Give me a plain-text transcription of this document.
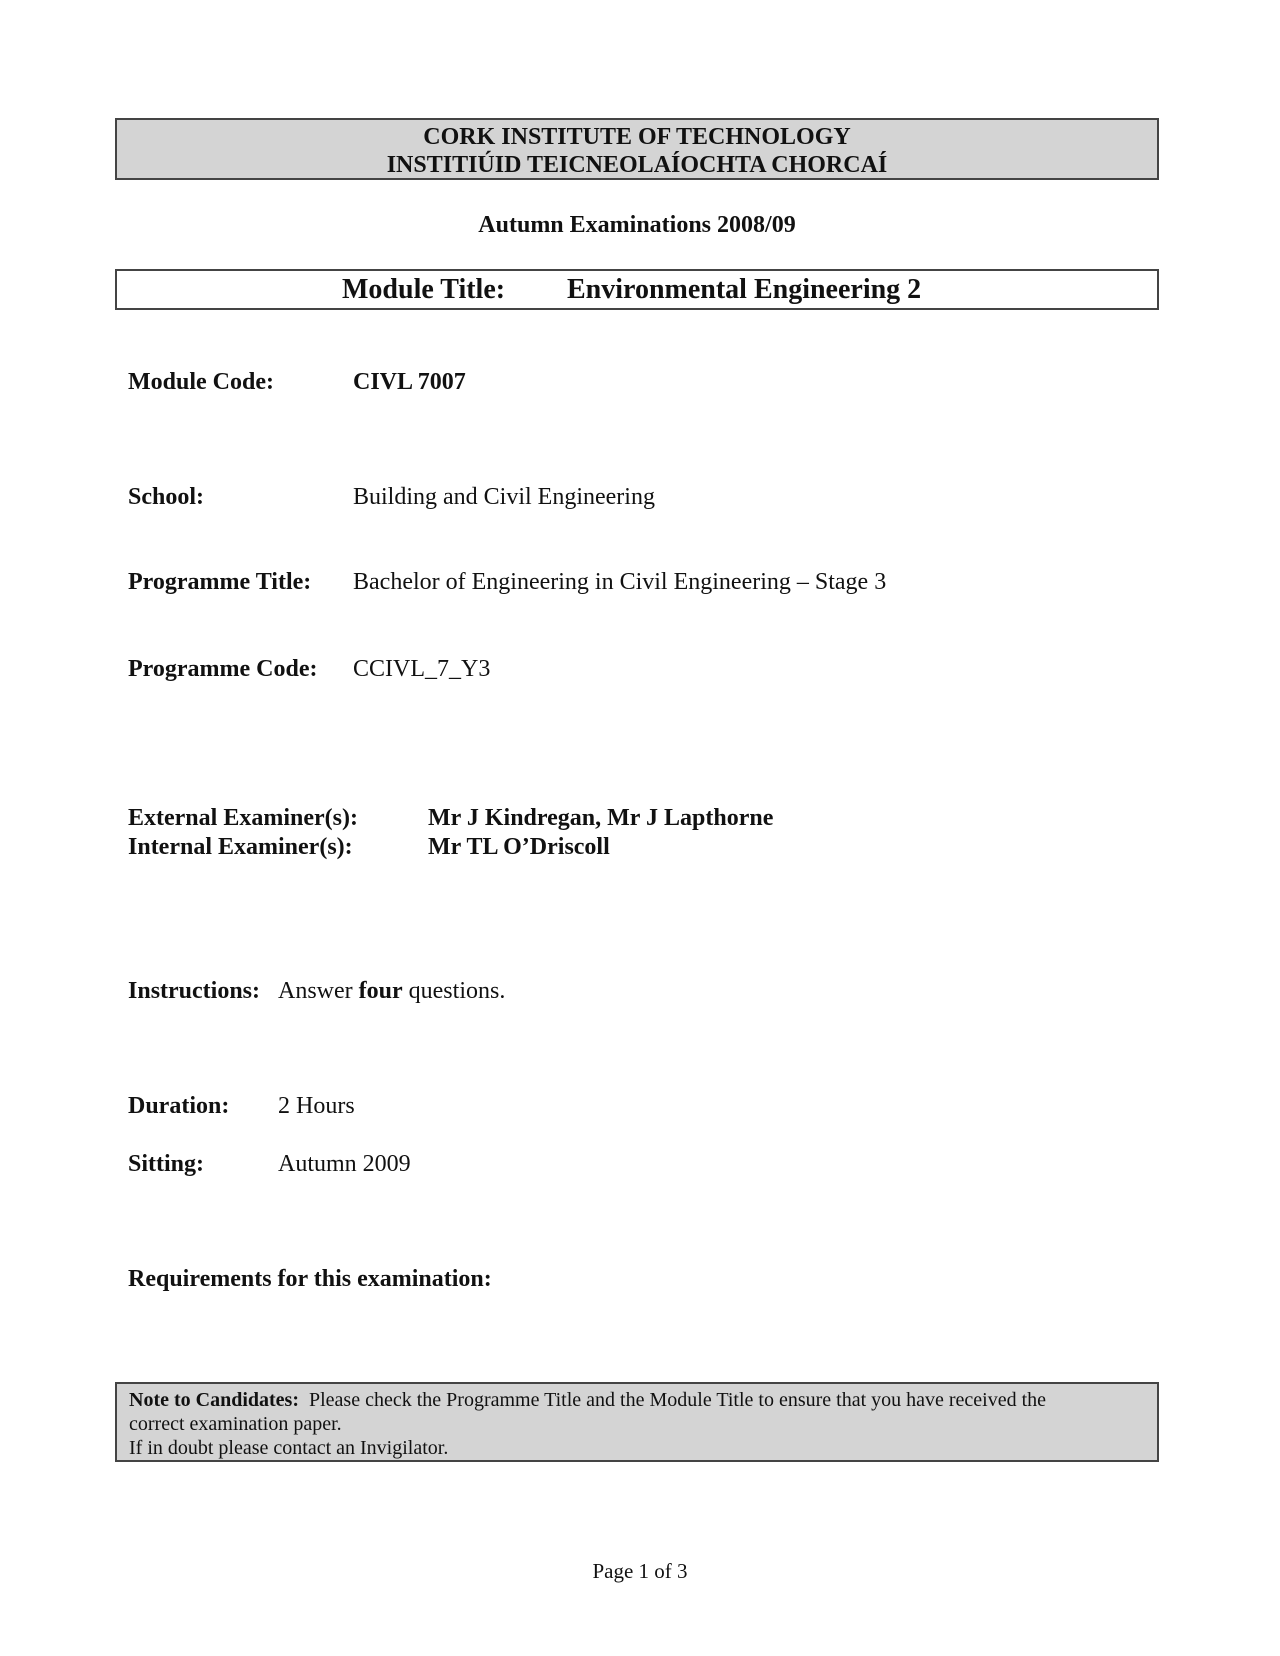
CORK INSTITUTE OF TECHNOLOGY
INSTITIÚID TEICNEOLAÍOCHTA CHORCAÍ
Autumn Examinations 2008/09
Module Title: Environmental Engineering 2
Module Code:	CIVL 7007
School:	Building and Civil Engineering
Programme Title: Bachelor of Engineering in Civil Engineering – Stage 3
Programme Code: CCIVL_7_Y3
External Examiner(s):	Mr J Kindregan, Mr J Lapthorne
Internal Examiner(s):	Mr TL O’Driscoll
Instructions: Answer four questions.
Duration: 2 Hours
Sitting:	Autumn 2009
Requirements for this examination:
Note to Candidates: Please check the Programme Title and the Module Title to ensure that you have received the
correct examination paper.
If in doubt please contact an Invigilator.
Page 1 of 3
